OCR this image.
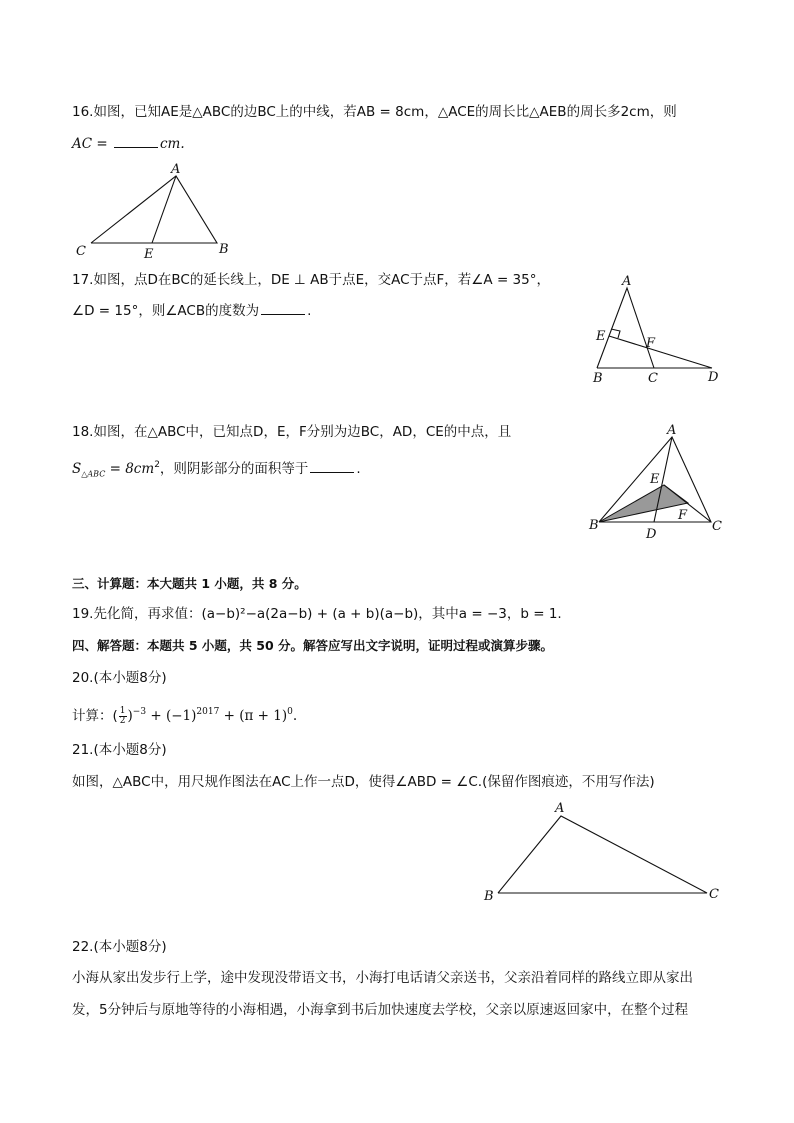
16.如图，已知AE是△ABC的边BC上的中线，若AB = 8cm，△ACE的周长比△AEB的周长多2cm，则
AC =	cm.
A
C	B
E
17.如图，点D在BC的延长线上，DE ⊥ AB于点E，交AC于点F，若∠A = 35°，
∠D = 15°，则∠ACB的度数为	.
A
E	F
B	C	D
18.如图，在△ABC中，已知点D，E，F分别为边BC，AD，CE的中点，且
$S_{\triangle ABC} = 8cm^2$，则阴影部分的面积等于	.
A
E
F
B
D
C
三、计算题：本大题共 1 小题，共 8 分。
19.先化简，再求值：(a−b)²−a(2a−b) + (a + b)(a−b)，其中a = −3，b = 1.
四、解答题：本题共 5 小题，共 50 分。解答应写出文字说明，证明过程或演算步骤。
20.(本小题8分)
计算：( $\frac{1}{2} )^{-3} + (-1)^{2017} + (\pi + 1)^0$.
21.(本小题8分)
如图，△ABC中，用尺规作图法在AC上作一点D，使得∠ABD = ∠C.(保留作图痕迹，不用写作法)
A
B	C
22.(本小题8分)
小海从家出发步行上学，途中发现没带语文书，小海打电话请父亲送书，父亲沿着同样的路线立即从家出
发，5分钟后与原地等待的小海相遇，小海拿到书后加快速度去学校，父亲以原速返回家中，在整个过程
